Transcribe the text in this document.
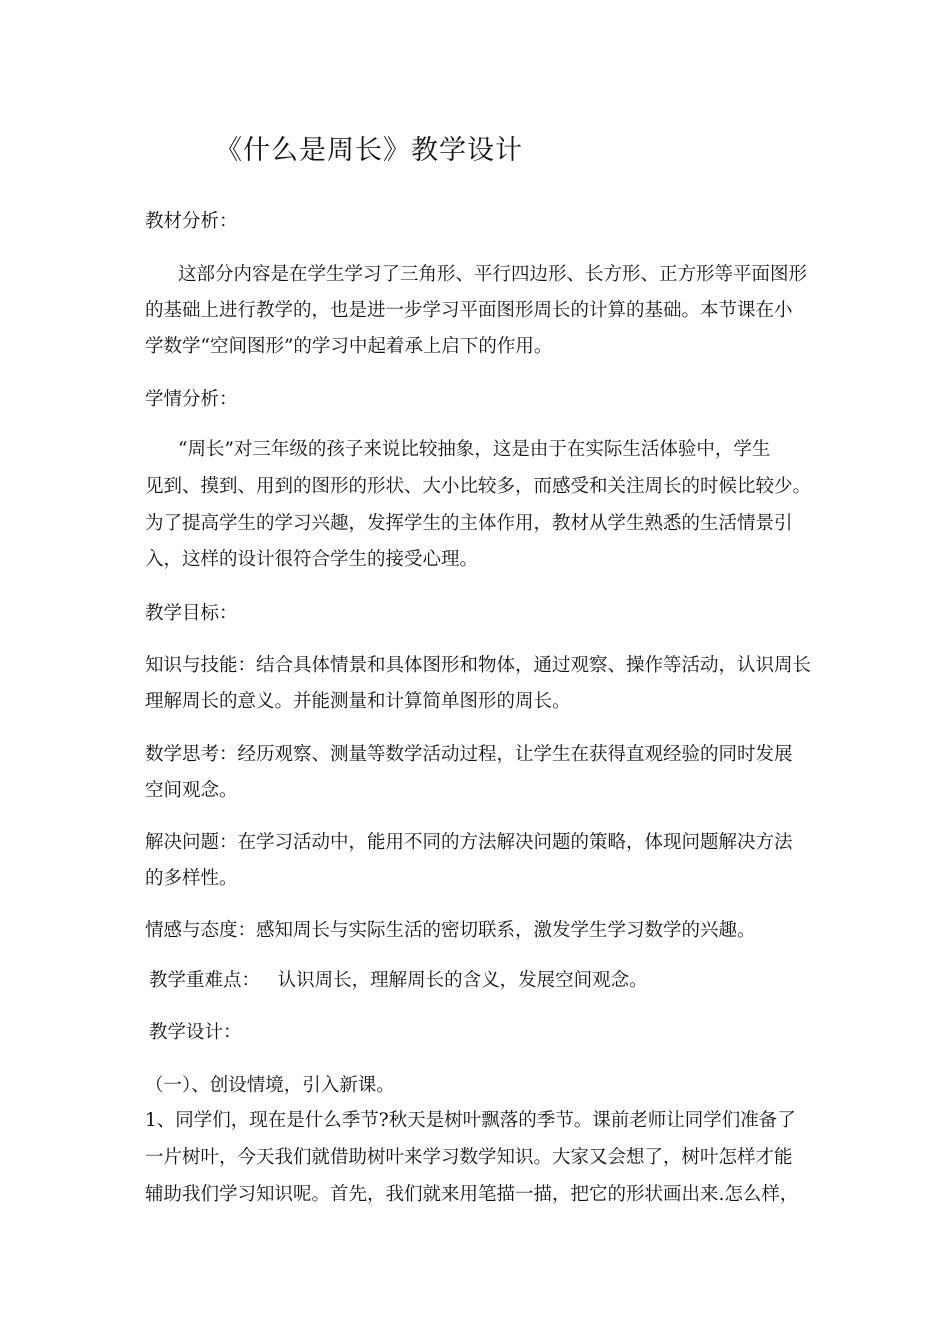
《什么是周长》教学设计
教材分析：
这部分内容是在学生学习了三角形、平行四边形、长方形、正方形等平面图形
的基础上进行教学的，也是进一步学习平面图形周长的计算的基础。本节课在小
学数学“空间图形”的学习中起着承上启下的作用。
学情分析：
“周长”对三年级的孩子来说比较抽象，这是由于在实际生活体验中，学生
见到、摸到、用到的图形的形状、大小比较多，而感受和关注周长的时候比较少。
为了提高学生的学习兴趣，发挥学生的主体作用，教材从学生熟悉的生活情景引
入，这样的设计很符合学生的接受心理。
教学目标：
知识与技能：结合具体情景和具体图形和物体，通过观察、操作等活动，认识周长
理解周长的意义。并能测量和计算简单图形的周长。
数学思考：经历观察、测量等数学活动过程，让学生在获得直观经验的同时发展
空间观念。
解决问题：在学习活动中，能用不同的方法解决问题的策略，体现问题解决方法
的多样性。
情感与态度：感知周长与实际生活的密切联系，激发学生学习数学的兴趣。
教学重难点：   认识周长，理解周长的含义，发展空间观念。
教学设计：
（一）、创设情境，引入新课。
1、同学们，现在是什么季节?秋天是树叶飘落的季节。课前老师让同学们准备了
一片树叶，今天我们就借助树叶来学习数学知识。大家又会想了，树叶怎样才能
辅助我们学习知识呢。首先，我们就来用笔描一描，把它的形状画出来.怎么样，
